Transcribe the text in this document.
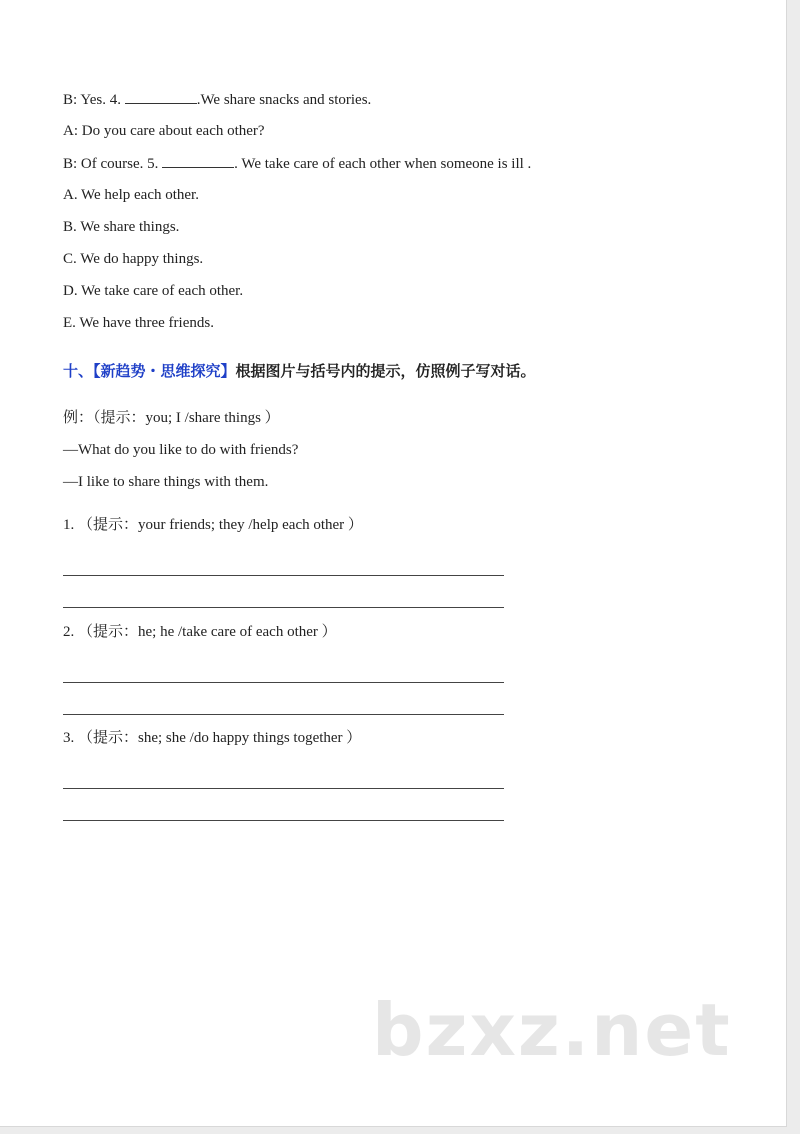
B: Yes. 4.	.We share snacks and stories.
A: Do you care about each other?
B: Of course. 5.	. We take care of each other when someone is ill .
A. We help each other.
B. We share things.
C. We do happy things.
D. We take care of each other.
E. We have three friends.
十、【新趋势・思维探究】根据图片与括号内的提示，仿照例子写对话。
例：（提示：you; I /share things ）
—What do you like to do with friends?
—I like to share things with them.
1. （提示：your friends; they /help each other ）
2. （提示：he; he /take care of each other ）
3. （提示：she; she /do happy things together ）
bzxz.net
